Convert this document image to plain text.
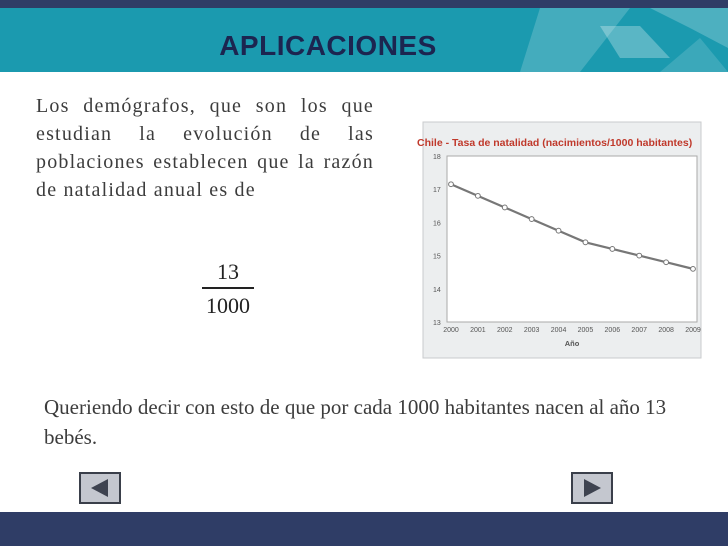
APLICACIONES

Los demógrafos, que son los que estudian la evolución de las poblaciones establecen que la razón de natalidad anual es de

13
1000
Chile - Tasa de natalidad (nacimientos/1000 habitantes)
13
14
15
16
17
18
2000 2001 2002 2003 2004 2005 2006 2007 2008 2009
Año

Queriendo decir con esto de que por cada 1000 habitantes nacen al año 13 bebés.
